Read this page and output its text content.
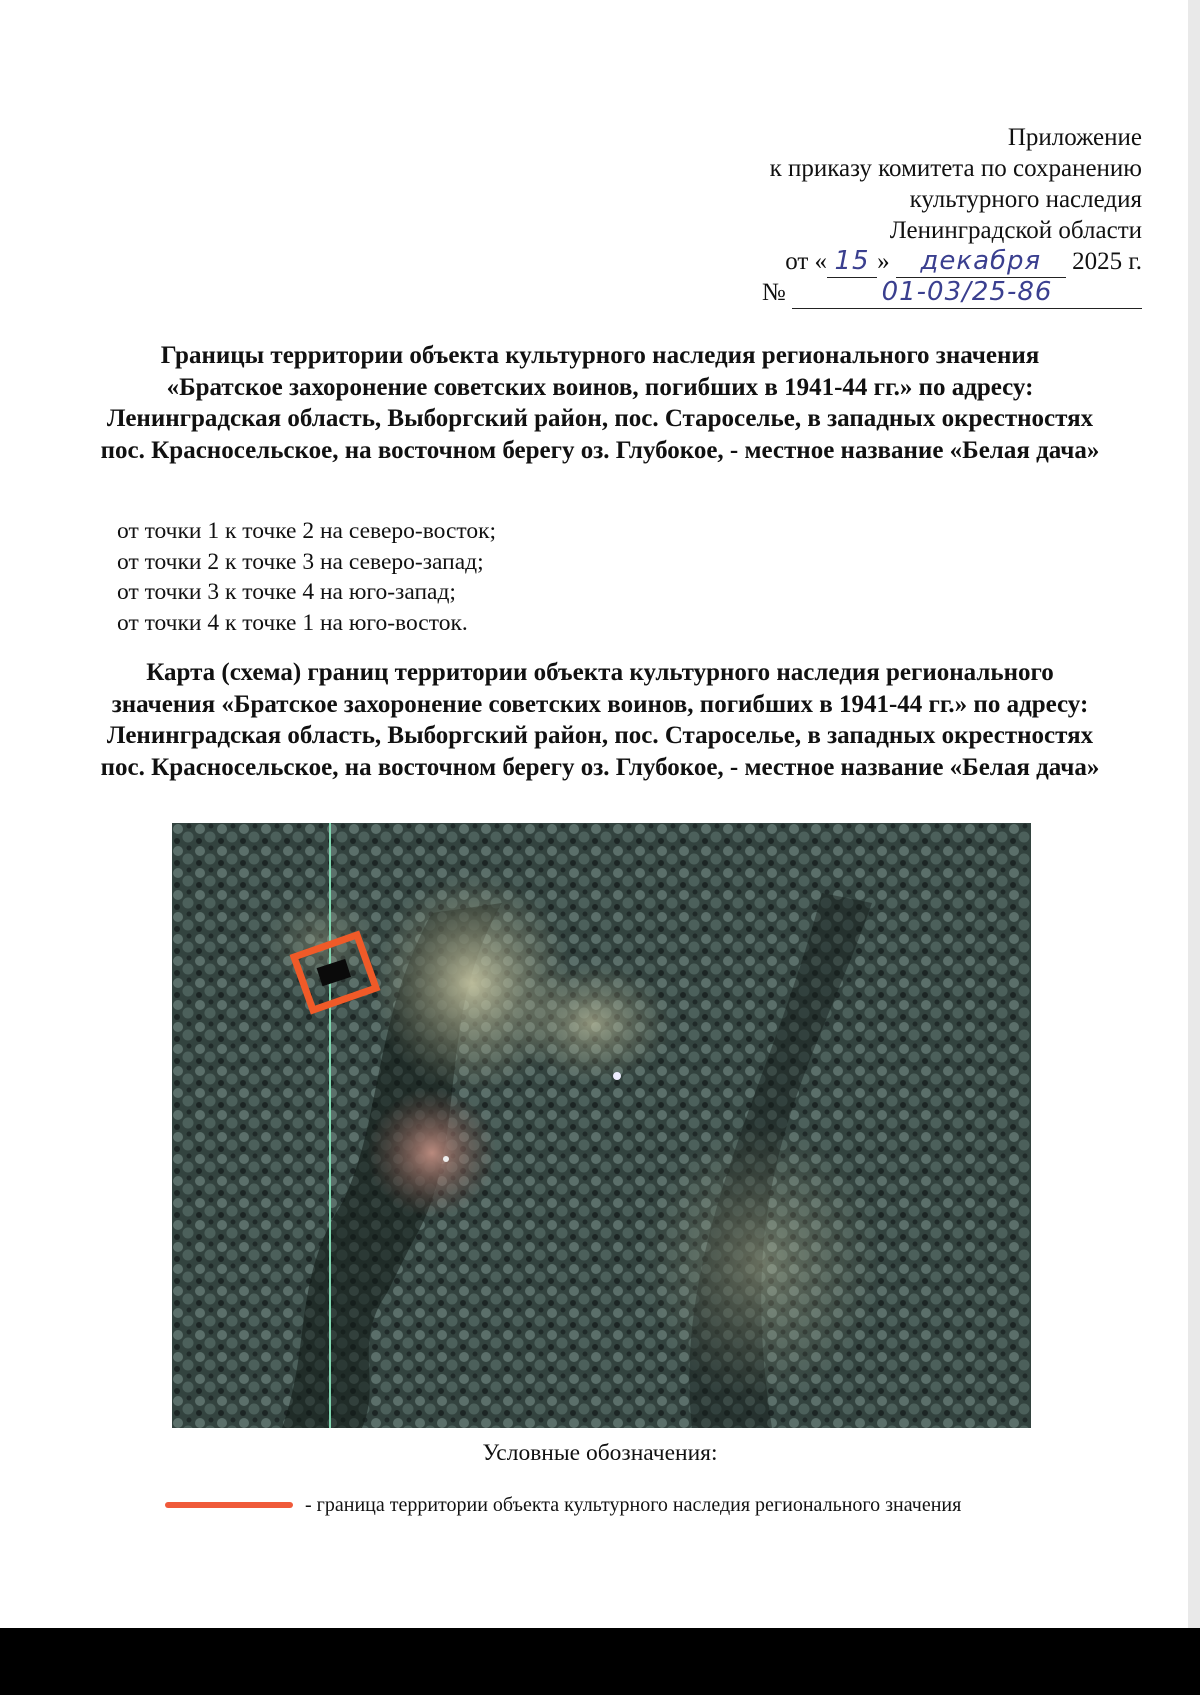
Приложение
к приказу комитета по сохранению
культурного наследия
Ленинградской области
от « 15 » декабря 2025 г.
№	01-03/25-86
Границы территории объекта культурного наследия регионального значения «Братское захоронение советских воинов, погибших в 1941-44 гг.» по адресу: Ленинградская область, Выборгский район, пос. Староселье, в западных окрестностях пос. Красносельское, на восточном берегу оз. Глубокое, - местное название «Белая дача»
от точки 1 к точке 2 на северо-восток;
от точки 2 к точке 3 на северо-запад;
от точки 3 к точке 4 на юго-запад;
от точки 4 к точке 1 на юго-восток.
Карта (схема) границ территории объекта культурного наследия регионального значения «Братское захоронение советских воинов, погибших в 1941-44 гг.» по адресу: Ленинградская область, Выборгский район, пос. Староселье, в западных окрестностях пос. Красносельское, на восточном берегу оз. Глубокое, - местное название «Белая дача»
Условные обозначения:
- граница территории объекта культурного наследия регионального значения
